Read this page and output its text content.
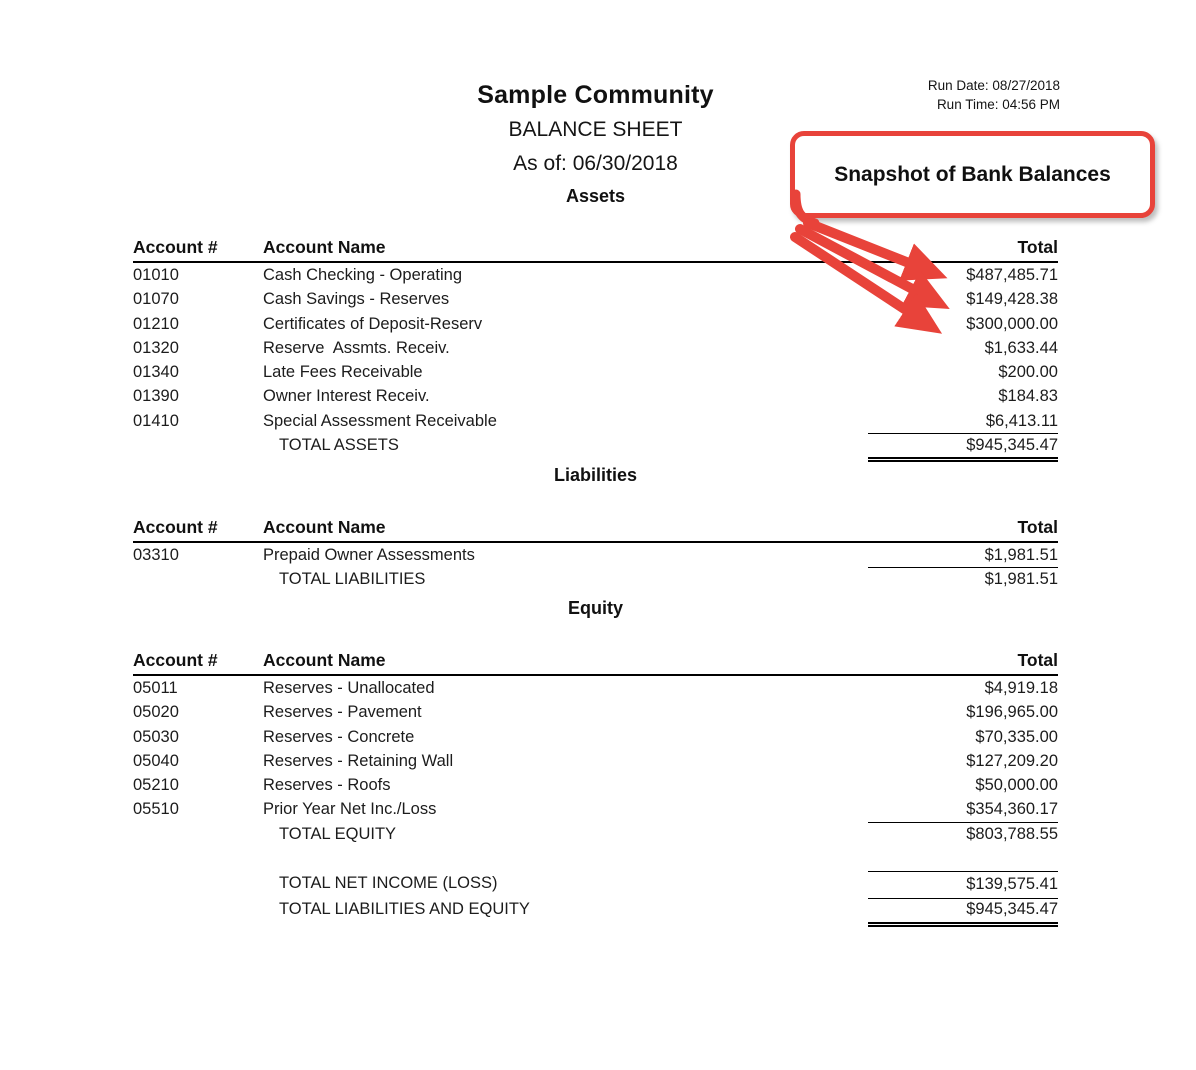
Sample Community
BALANCE SHEET
As of: 06/30/2018
Assets
Run Date: 08/27/2018
Run Time: 04:56 PM
Snapshot of Bank Balances
Account #	Account Name	Total
01010	Cash Checking - Operating	$487,485.71
01070	Cash Savings - Reserves	$149,428.38
01210	Certificates of Deposit-Reserv	$300,000.00
01320	Reserve  Assmts. Receiv.	$1,633.44
01340	Late Fees Receivable	$200.00
01390	Owner Interest Receiv.	$184.83
01410	Special Assessment Receivable	$6,413.11
TOTAL ASSETS	$945,345.47
Liabilities
Account #	Account Name	Total
03310	Prepaid Owner Assessments	$1,981.51
TOTAL LIABILITIES	$1,981.51
Equity
Account #	Account Name	Total
05011	Reserves - Unallocated	$4,919.18
05020	Reserves - Pavement	$196,965.00
05030	Reserves - Concrete	$70,335.00
05040	Reserves - Retaining Wall	$127,209.20
05210	Reserves - Roofs	$50,000.00
05510	Prior Year Net Inc./Loss	$354,360.17
TOTAL EQUITY	$803,788.55
TOTAL NET INCOME (LOSS)	$139,575.41
TOTAL LIABILITIES AND EQUITY	$945,345.47
